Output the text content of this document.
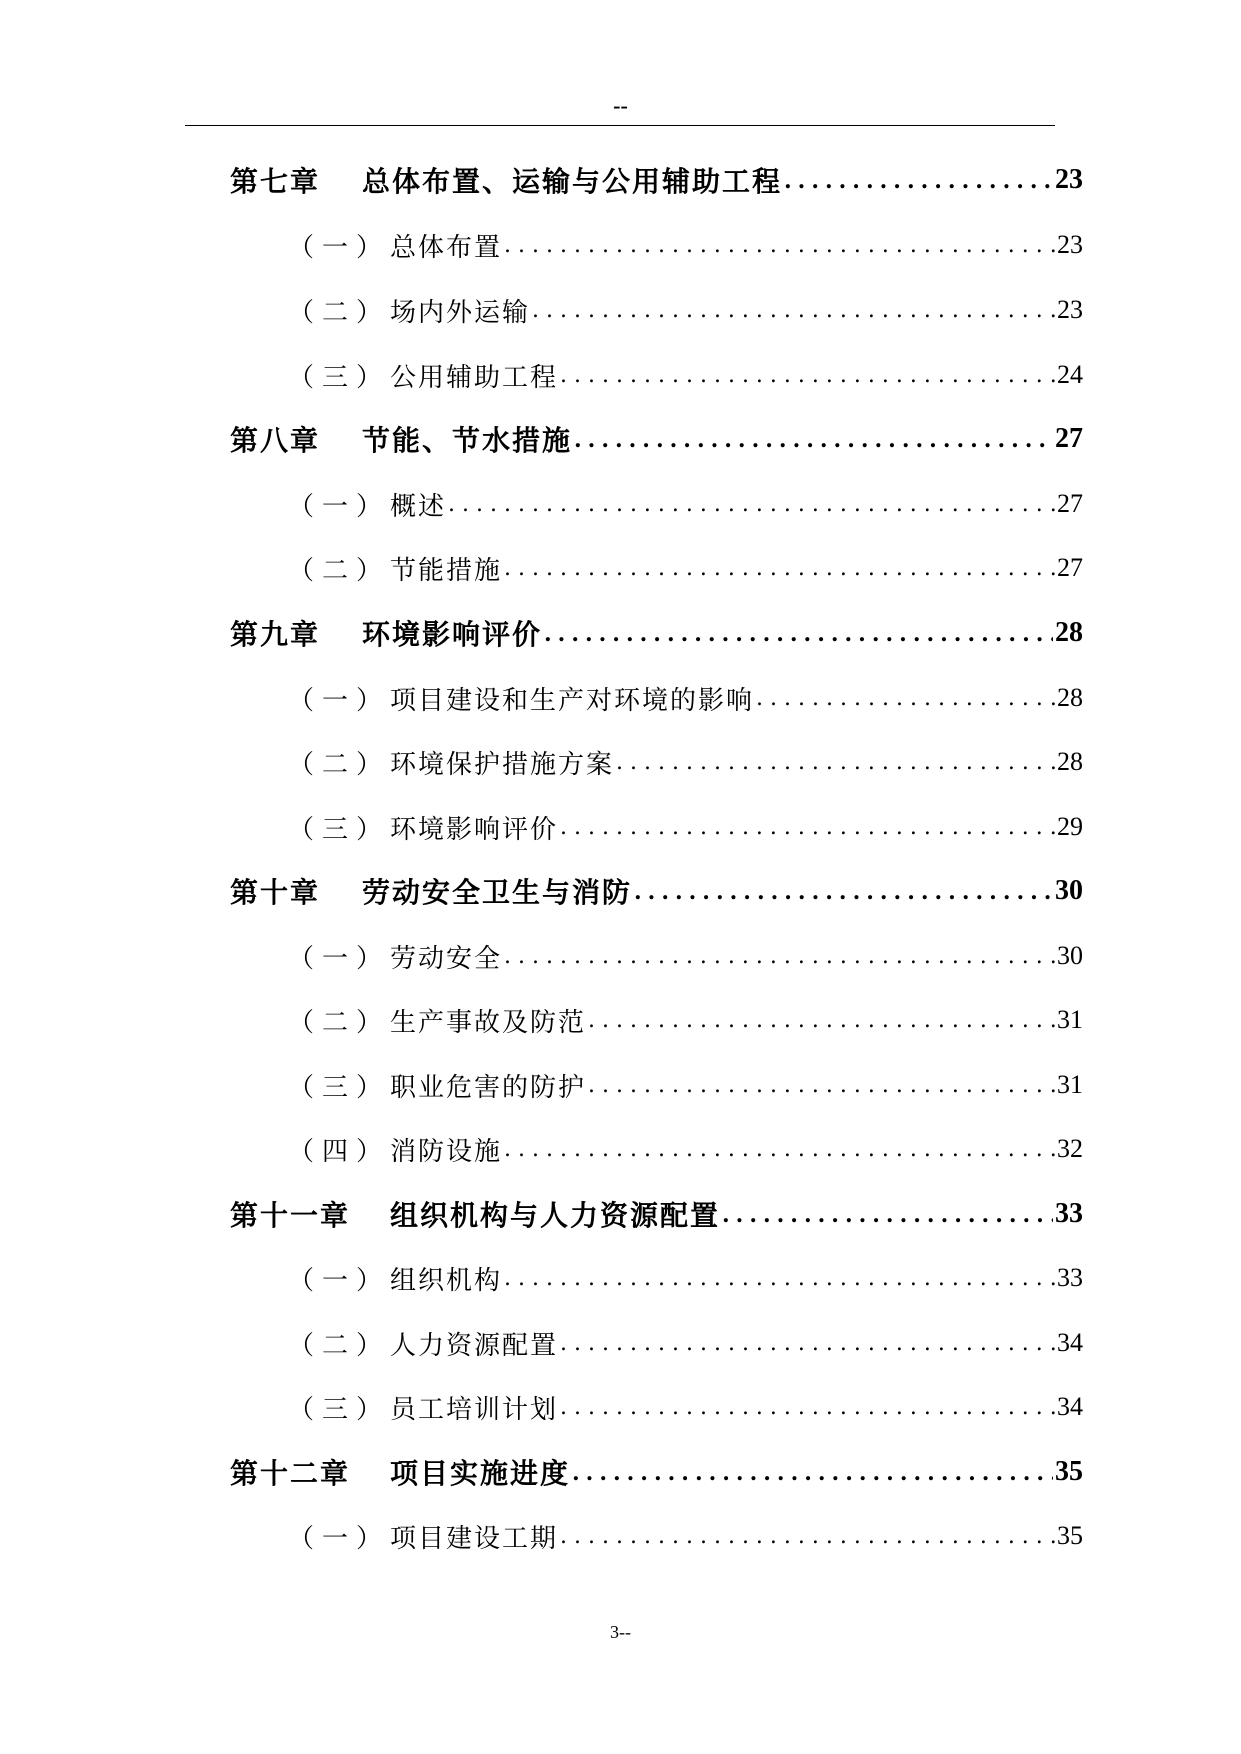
--
第七章	总体布置、运输与公用辅助工程 .....	23
（一） 总体布置 .....	23
（二） 场内外运输 .....	23
（三） 公用辅助工程 .....	24
第八章	节能、节水措施 .....	27
（一） 概述 .....	27
（二） 节能措施 .....	27
第九章	环境影响评价 .....	28
（一） 项目建设和生产对环境的影响 .....	28
（二） 环境保护措施方案 .....	28
（三） 环境影响评价 .....	29
第十章	劳动安全卫生与消防 .....	30
（一） 劳动安全 .....	30
（二） 生产事故及防范 .....	31
（三） 职业危害的防护 .....	31
（四） 消防设施 .....	32
第十一章	组织机构与人力资源配置 .....	33
（一） 组织机构 .....	33
（二） 人力资源配置 .....	34
（三） 员工培训计划 .....	34
第十二章	项目实施进度 .....	35
（一） 项目建设工期 .....	35
3--
